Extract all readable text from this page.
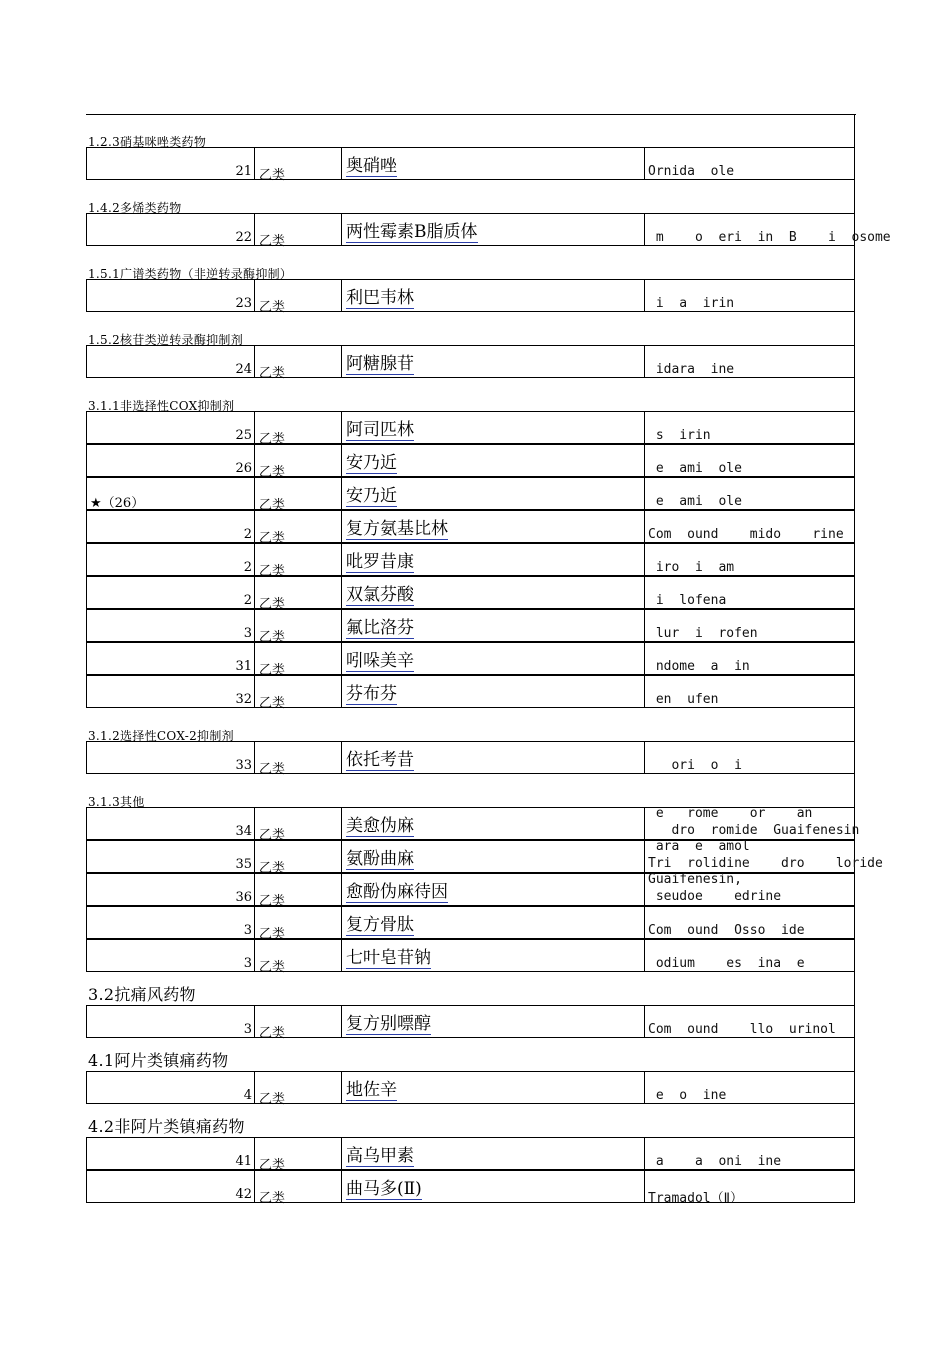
1.2.3硝基咪唑类药物
21 乙类	奥硝唑	Ornida  ole
1.4.2多烯类药物
22 乙类	两性霉素B脂质体	m    o  eri  in  B    i  osome
1.5.1广谱类药物（非逆转录酶抑制）
23 乙类	利巴韦林	i  a  irin
1.5.2核苷类逆转录酶抑制剂
24 乙类	阿糖腺苷	idara  ine
3.1.1非选择性COX抑制剂
25 乙类	阿司匹林	s  irin
26 乙类	安乃近	e  ami  ole
★（26）	乙类	安乃近	e  ami  ole
2 乙类	复方氨基比林	Com  ound    mido    rine
2 乙类	吡罗昔康	iro  i  am
2 乙类	双氯芬酸	i  lofena
3 乙类	氟比洛芬	lur  i  rofen
31 乙类	吲哚美辛	ndome  a  in
32 乙类	芬布芬	en  ufen
3.1.2选择性COX-2抑制剂
33 乙类	依托考昔	ori  o  i
3.1.3其他
34 乙类	美愈伪麻
e   rome    or    an
dro  romide  Guaifenesin
35 乙类	氨酚曲麻
ara  e  amol
Tri  rolidine    dro    loride
36 乙类	愈酚伪麻待因
Guaifenesin,
seudoe    edrine
3 乙类	复方骨肽	Com  ound  Osso  ide
3 乙类	七叶皂苷钠	odium    es  ina  e
3.2抗痛风药物
3 乙类	复方别嘌醇	Com  ound    llo  urinol
4.1阿片类镇痛药物
4 乙类	地佐辛	e  o  ine
4.2非阿片类镇痛药物
41 乙类	高乌甲素	a    a  oni  ine
42 乙类	曲马多(Ⅱ)	Tramadol（Ⅱ）
